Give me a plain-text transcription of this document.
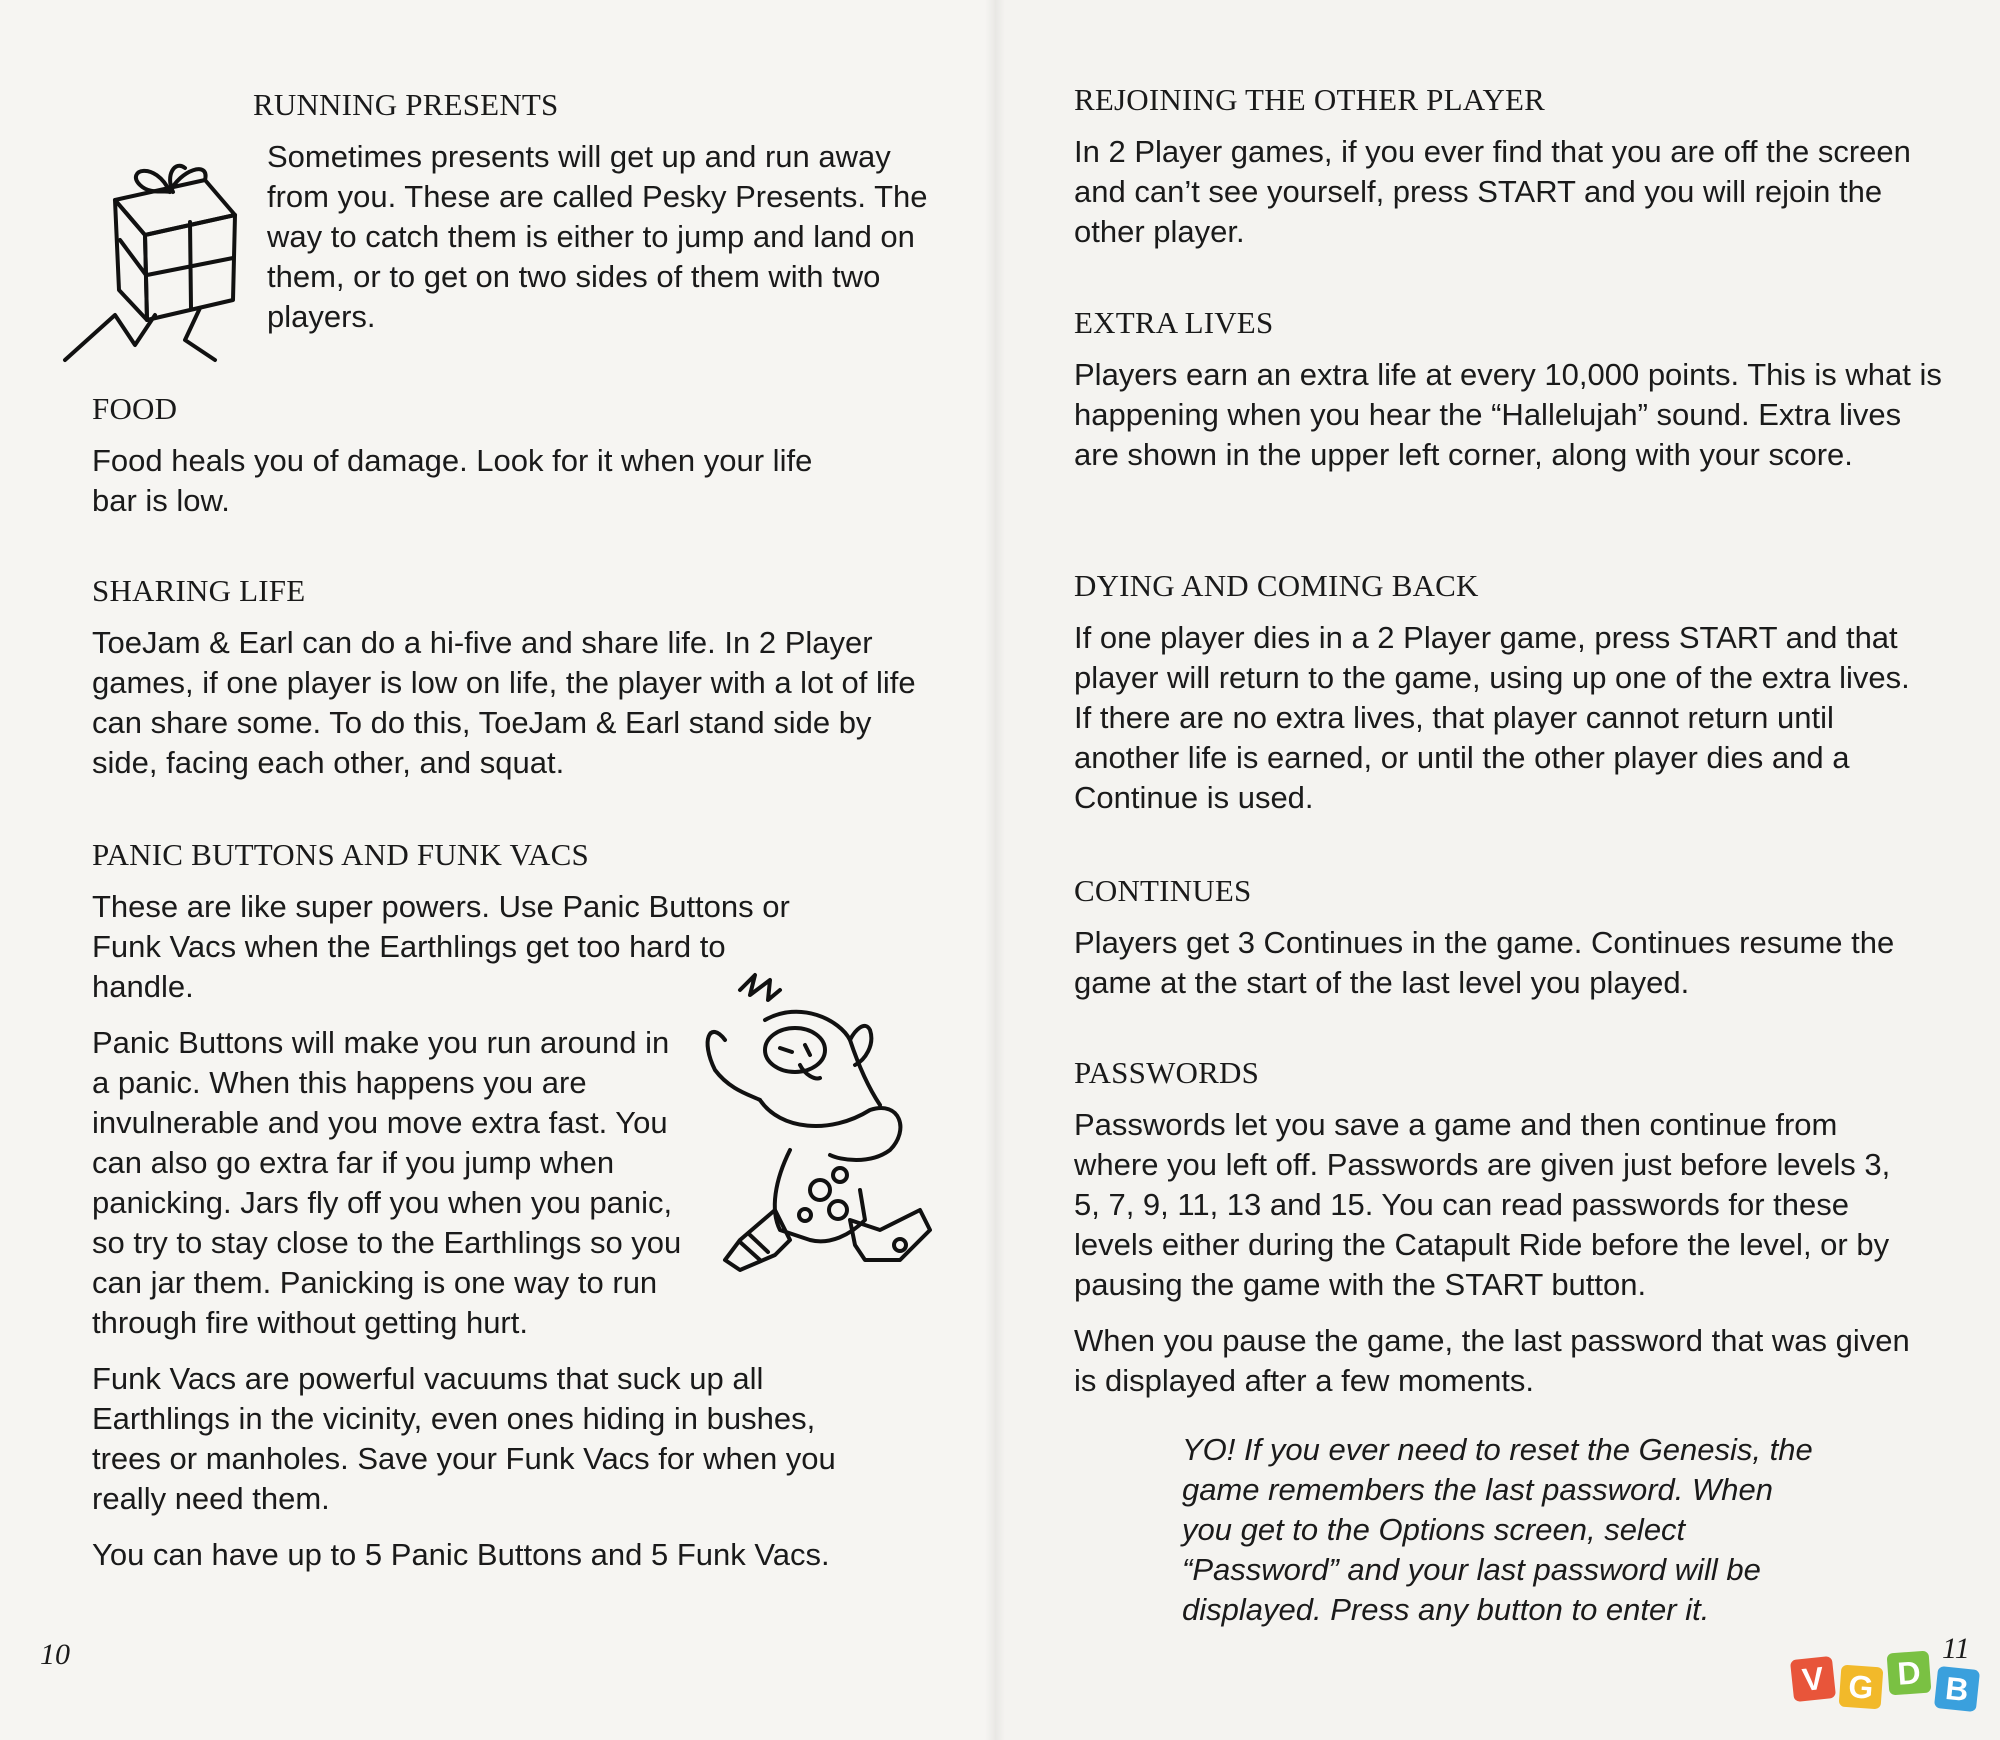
RUNNING PRESENTS

Sometimes presents will get up and run away from you. These are called Pesky Presents. The way to catch them is either to jump and land on them, or to get on two sides of them with two players.

FOOD

Food heals you of damage. Look for it when your life bar is low.

SHARING LIFE

ToeJam & Earl can do a hi-five and share life. In 2 Player games, if one player is low on life, the player with a lot of life can share some. To do this, ToeJam & Earl stand side by side, facing each other, and squat.

PANIC BUTTONS AND FUNK VACS

These are like super powers. Use Panic Buttons or Funk Vacs when the Earthlings get too hard to handle.

Panic Buttons will make you run around in a panic. When this happens you are invulnerable and you move extra fast. You can also go extra far if you jump when panicking. Jars fly off you when you panic, so try to stay close to the Earthlings so you can jar them. Panicking is one way to run through fire without getting hurt.

Funk Vacs are powerful vacuums that suck up all Earthlings in the vicinity, even ones hiding in bushes, trees or manholes. Save your Funk Vacs for when you really need them.

You can have up to 5 Panic Buttons and 5 Funk Vacs.

10
REJOINING THE OTHER PLAYER

In 2 Player games, if you ever find that you are off the screen and can’t see yourself, press START and you will rejoin the other player.

EXTRA LIVES

Players earn an extra life at every 10,000 points. This is what is happening when you hear the “Hallelujah” sound. Extra lives are shown in the upper left corner, along with your score.

DYING AND COMING BACK

If one player dies in a 2 Player game, press START and that player will return to the game, using up one of the extra lives. If there are no extra lives, that player cannot return until another life is earned, or until the other player dies and a Continue is used.

CONTINUES

Players get 3 Continues in the game. Continues resume the game at the start of the last level you played.

PASSWORDS

Passwords let you save a game and then continue from where you left off. Passwords are given just before levels 3, 5, 7, 9, 11, 13 and 15. You can read passwords for these levels either during the Catapult Ride before the level, or by pausing the game with the START button.

When you pause the game, the last password that was given is displayed after a few moments.

YO! If you ever need to reset the Genesis, the game remembers the last password. When you get to the Options screen, select “Password” and your last password will be displayed. Press any button to enter it.

11
V G D B
